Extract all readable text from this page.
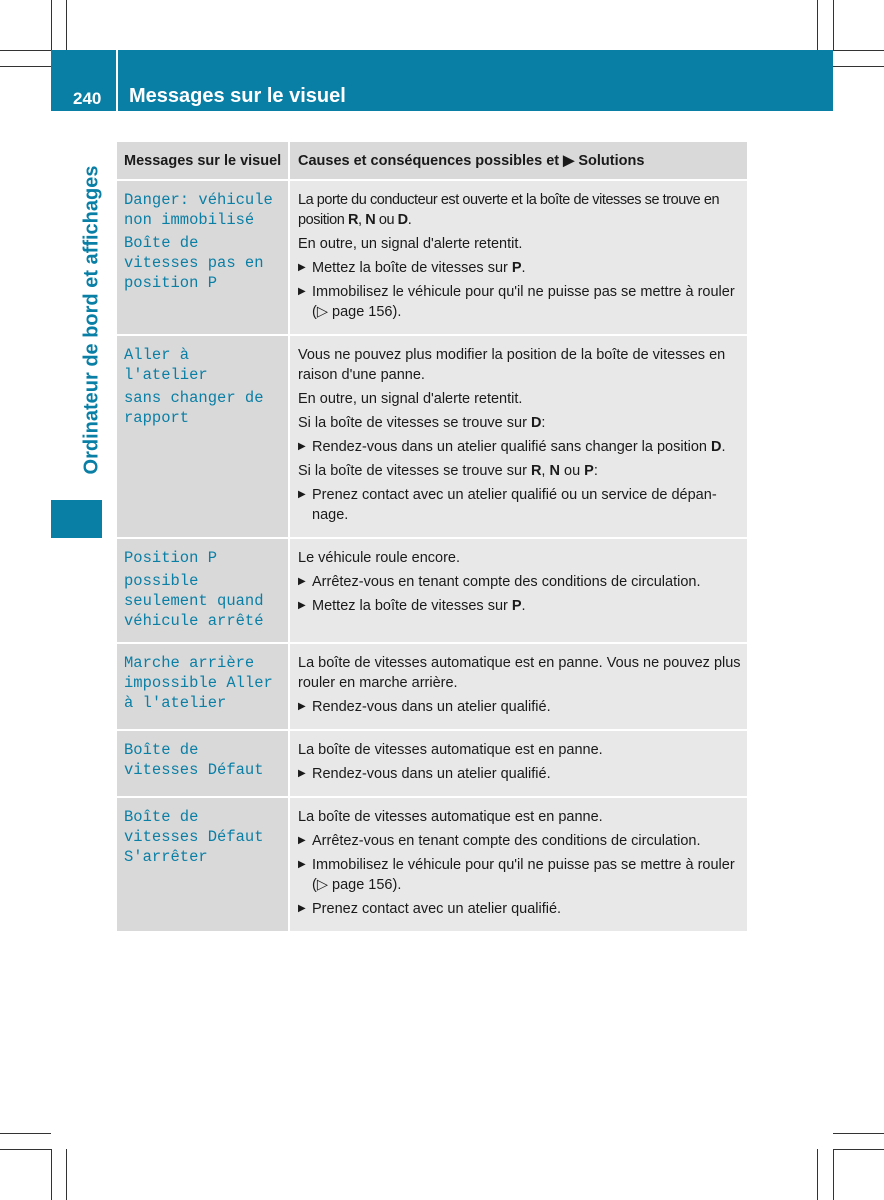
240 Messages sur le visuel
Ordinateur de bord et affichages
Messages sur le visuel	Causes et conséquences possibles et ▶ Solutions
Danger: véhicule non immobilisé
Boîte de vitesses pas en position P
La porte du conducteur est ouverte et la boîte de vitesses se trouve en position R, N ou D.
En outre, un signal d'alerte retentit.
▶ Mettez la boîte de vitesses sur P.
▶ Immobilisez le véhicule pour qu'il ne puisse pas se mettre à rouler (▷ page 156).
Aller à l'atelier
sans changer de rapport
Vous ne pouvez plus modifier la position de la boîte de vitesses en raison d'une panne.
En outre, un signal d'alerte retentit.
Si la boîte de vitesses se trouve sur D:
▶ Rendez-vous dans un atelier qualifié sans changer la position D.
Si la boîte de vitesses se trouve sur R, N ou P:
▶ Prenez contact avec un atelier qualifié ou un service de dépannage.
Position P
possible seulement quand véhicule arrêté
Le véhicule roule encore.
▶ Arrêtez-vous en tenant compte des conditions de circulation.
▶ Mettez la boîte de vitesses sur P.
Marche arrière impossible Aller à l'atelier
La boîte de vitesses automatique est en panne. Vous ne pouvez plus rouler en marche arrière.
▶ Rendez-vous dans un atelier qualifié.
Boîte de vitesses Défaut
La boîte de vitesses automatique est en panne.
▶ Rendez-vous dans un atelier qualifié.
Boîte de vitesses Défaut S'arrêter
La boîte de vitesses automatique est en panne.
▶ Arrêtez-vous en tenant compte des conditions de circulation.
▶ Immobilisez le véhicule pour qu'il ne puisse pas se mettre à rouler (▷ page 156).
▶ Prenez contact avec un atelier qualifié.
